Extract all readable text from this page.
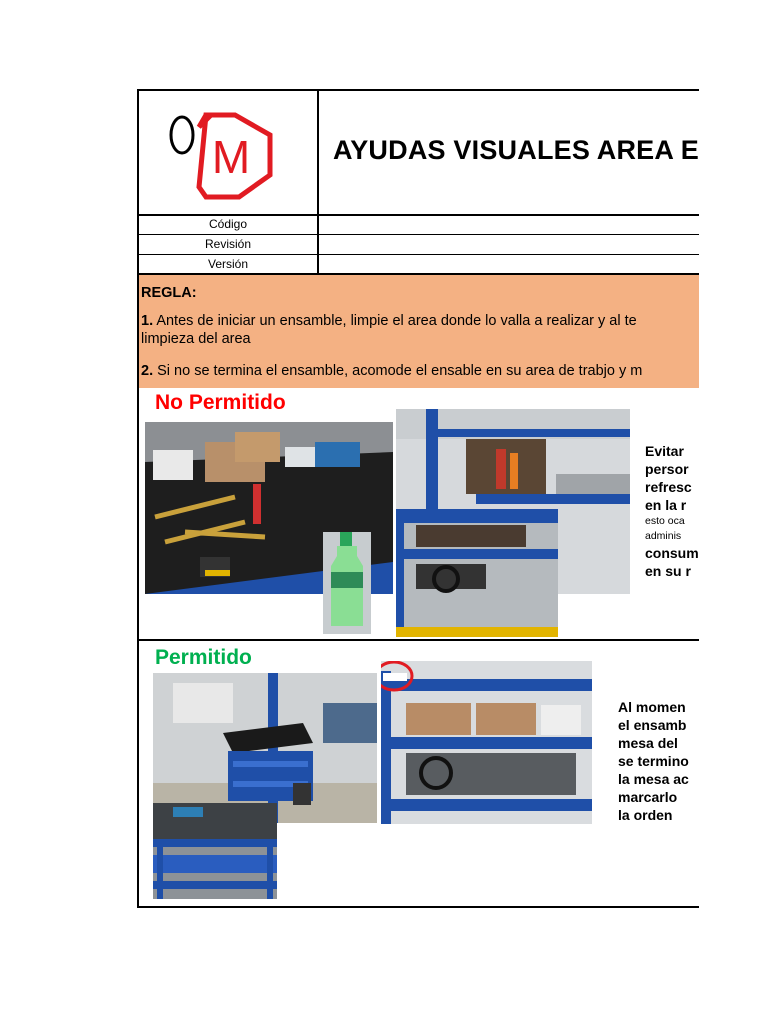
M	AYUDAS VISUALES AREA E
Código
Revisión
Versión
REGLA:
1. Antes de iniciar un ensamble, limpie el area donde lo valla a realizar y al te
limpieza del area
2. Si no se termina el ensamble, acomode el ensable en su area de trabjo y m
No Permitido
Evitar
persor
refresc
en la r
esto oca
adminis
consum
en su r
Permitido
Al momen
el ensamb
mesa del
se termino
la mesa ac
marcarlo
la orden
